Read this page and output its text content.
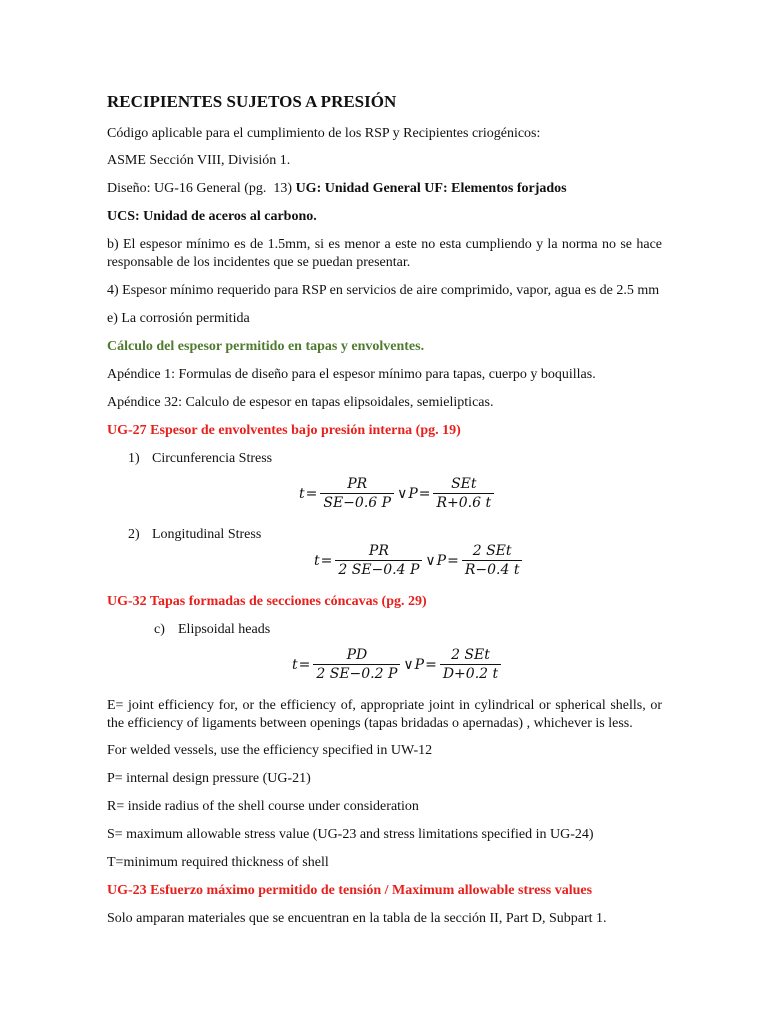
RECIPIENTES SUJETOS A PRESIÓN
Código aplicable para el cumplimiento de los RSP y Recipientes criogénicos:
ASME Sección VIII, División 1.
Diseño: UG-16 General (pg.  13) UG: Unidad General UF: Elementos forjados
UCS: Unidad de aceros al carbono.
b) El espesor mínimo es de 1.5mm, si es menor a este no esta cumpliendo y la norma no se hace responsable de los incidentes que se puedan presentar.
4) Espesor mínimo requerido para RSP en servicios de aire comprimido, vapor, agua es de 2.5 mm
e) La corrosión permitida
Cálculo del espesor permitido en tapas y envolventes.
Apéndice 1: Formulas de diseño para el espesor mínimo para tapas, cuerpo y boquillas.
Apéndice 32: Calculo de espesor en tapas elipsoidales, semielipticas.
UG-27 Espesor de envolventes bajo presión interna (pg. 19)
1) Circunferencia Stress
$t = \frac{PR}{SE-0.6 P}$ ∨ $P = \frac{\text{SEt}}{R+0.6 t}$
2) Longitudinal Stress
$t = \frac{PR}{2 SE-0.4 P}$ ∨ $P = \frac{\text{2 SEt}}{R-0.4 t}$
UG-32 Tapas formadas de secciones cóncavas (pg. 29)
c) Elipsoidal heads
$t = \frac{PD}{2 SE-0.2 P}$ ∨ $P = \frac{\text{2 SEt}}{D+0.2 t}$
E= joint efficiency for, or the efficiency of, appropriate joint in cylindrical or spherical shells, or the efficiency of ligaments between openings (tapas bridadas o apernadas) , whichever is less.
For welded vessels, use the efficiency specified in UW-12
P= internal design pressure (UG-21)
R= inside radius of the shell course under consideration
S= maximum allowable stress value (UG-23 and stress limitations specified in UG-24)
T=minimum required thickness of shell
UG-23 Esfuerzo máximo permitido de tensión / Maximum allowable stress values
Solo amparan materiales que se encuentran en la tabla de la sección II, Part D, Subpart 1.
